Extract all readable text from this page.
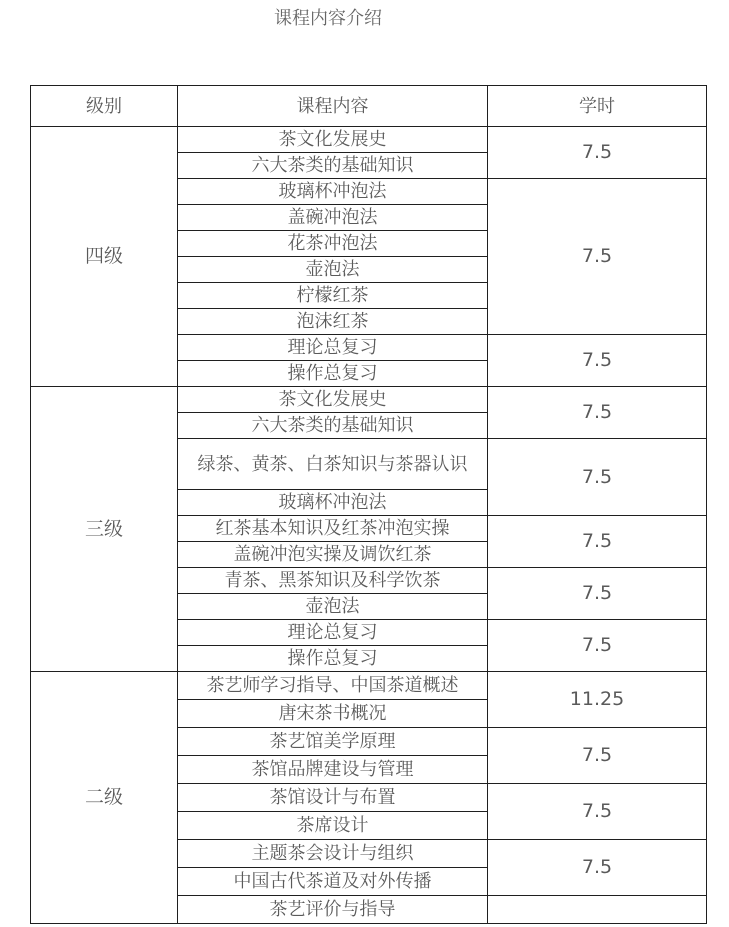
课程内容介绍
级别	课程内容	学时
四级	茶文化发展史	7.5
	六大茶类的基础知识	
	玻璃杯冲泡法	7.5
	盖碗冲泡法	
	花茶冲泡法	
	壶泡法	
	柠檬红茶	
	泡沫红茶	
	理论总复习	7.5
	操作总复习	
三级	茶文化发展史	7.5
	六大茶类的基础知识	
	绿茶、黄茶、白茶知识与茶器认识	7.5
	玻璃杯冲泡法	
	红茶基本知识及红茶冲泡实操	7.5
	盖碗冲泡实操及调饮红茶	
	青茶、黑茶知识及科学饮茶	7.5
	壶泡法	
	理论总复习	7.5
	操作总复习	
二级	茶艺师学习指导、中国茶道概述	11.25
	唐宋茶书概况	
	茶艺馆美学原理	7.5
	茶馆品牌建设与管理	
	茶馆设计与布置	7.5
	茶席设计	
	主题茶会设计与组织	7.5
	中国古代茶道及对外传播	
	茶艺评价与指导	
